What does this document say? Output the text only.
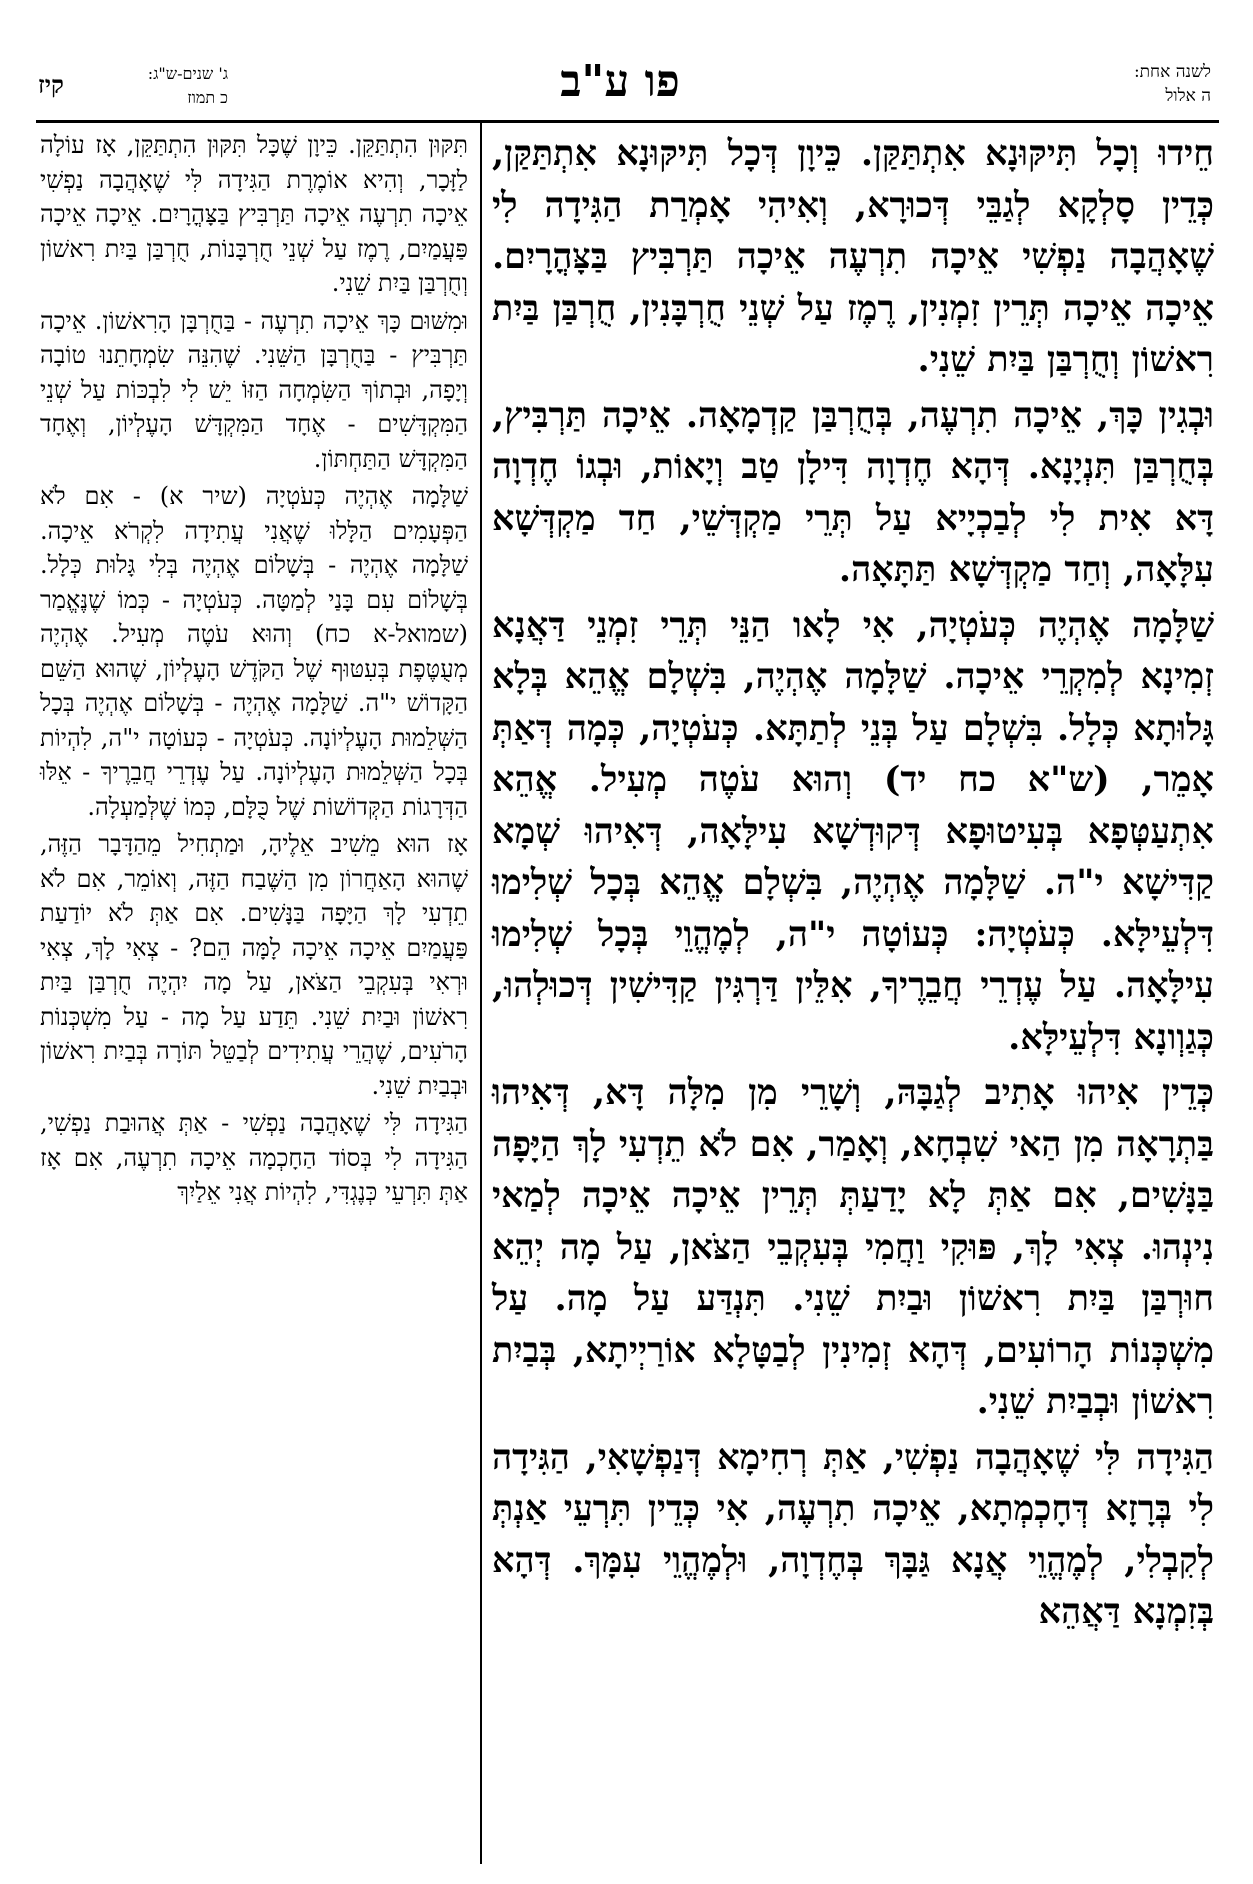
קיז	ג' שנים-ש"ג:
כ תמוז	פו ע"ב	לשנה אחת:
ה אלול

חֵידוּ וְכָל תִּיקּוּנָא אִתְתַּקַּן. כֵּיוָן דְּכָל תִּיקּוּנָא אִתְתַּקַּן, כְּדֵין סָלְקָא לְגַבֵּי דְּכוּרָא, וְאִיהִי אָמְרַת הַגִּידָה לִי שֶׁאָהֲבָה נַפְשִׁי אֵיכָה תִרְעֶה אֵיכָה תַּרְבִּיץ בַּצָּהֳרָיִם. אֵיכָה אֵיכָה תְּרֵין זִמְנִין, רֶמֶז עַל שְׁנֵי חֻרְבָּנִין, חֻרְבַּן בַּיִת רִאשׁוֹן וְחֻרְבַּן בַּיִת שֵׁנִי.

וּבְגִין כָּךְ, אֵיכָה תִרְעֶה, בְּחֻרְבַּן קַדְמָאָה. אֵיכָה תַּרְבִּיץ, בְּחֻרְבַּן תִּנְיָנָא. דְּהָא חֶדְוָה דִּילָן טַב וְיָאוֹת, וּבְגוֹ חֶדְוָה דָּא אִית לִי לְבַכְיָיא עַל תְּרֵי מַקְדְּשֵׁי, חַד מַקְדְּשָׁא עִלָּאָה, וְחַד מַקְדְּשָׁא תַּתָּאָה.

שַׁלָּמָה אֶהְיֶה כְּעֹטְיָה, אִי לָאו הַנֵּי תְּרֵי זִמְנֵי דַּאֲנָא זְמִינָא לְמִקְרֵי אֵיכָה. שַׁלָּמָה אֶהְיֶה, בִּשְׁלָם אֱהֵא בְּלָא גָּלוּתָא כְּלָל. בִּשְׁלָם עַל בְּנֵי לְתַתָּא. כְּעֹטְיָה, כְּמָה דְּאַתְּ אָמֵר, (ש"א כח יד) וְהוּא עֹטֶה מְעִיל. אֱהֵא אִתְעַטְּפָא בְּעִיטוּפָא דְּקוּדְשָׁא עִילָּאָה, דְּאִיהוּ שְׁמָא קַדִּישָׁא י"ה. שַׁלָּמָה אֶהְיֶה, בִּשְׁלָם אֱהֵא בְּכָל שְׁלִימוּ דִּלְעֵילָּא. כְּעֹטְיָה: כְּעוֹטָה י"ה, לְמֶהֱוֵי בְּכָל שְׁלִימוּ עִילָּאָה. עַל עֶדְרֵי חֲבֵרֶיךָ, אִלֵּין דַּרְגִּין קַדִּישִׁין דְּכוּלְהוּ, כְּגַוְונָא דִּלְעֵילָּא.

כְּדֵין אִיהוּ אָתִיב לְגַבָּהּ, וְשָׁרֵי מִן מִלָּה דָּא, דְּאִיהוּ בַּתְרָאָה מִן הַאי שִׁבְחָא, וְאָמַר, אִם לֹא תֵדְעִי לָךְ הַיָּפָה בַּנָּשִׁים, אִם אַתְּ לָא יָדַעַתְּ תְּרֵין אֵיכָה אֵיכָה לְמַאי נִינְהוּ. צְאִי לָךְ, פּוּקִי וַחֲמִי בְּעִקְבֵי הַצֹּאן, עַל מָה יְהֵא חוּרְבַּן בַּיִת רִאשׁוֹן וּבַיִת שֵׁנִי. תִּנְדַּע עַל מָה. עַל מִשְׁכְּנוֹת הָרוֹעִים, דְּהָא זְמִינִין לְבַטָּלָא אוֹרַיְיתָא, בְּבַיִת רִאשׁוֹן וּבְבַיִת שֵׁנִי.

הַגִּידָה לִּי שֶׁאָהֲבָה נַפְשִׁי, אַתְּ רְחִימָא דְּנַפְשָׁאִי, הַגִּידָה לִי בְּרָזָא דְּחָכְמְתָא, אֵיכָה תִרְעֶה, אִי כְּדֵין תִּרְעֵי אַנְתְּ לְקִבְלִי, לְמֶהֱוֵי אֲנָא גַּבָּךְ בְּחֶדְוָה, וּלְמֶהֱוֵי עִמָּךְ. דְּהָא בְּזִמְנָא דַּאֲהֵא

תִּקּוּן הִתְתַּקֵּן. כֵּיוָן שֶׁכָּל תִּקּוּן הִתְתַּקֵּן, אָז עוֹלָה לַזָּכָר, וְהִיא אוֹמֶרֶת הַגִּידָה לִּי שֶׁאָהֲבָה נַפְשִׁי אֵיכָה תִרְעֶה אֵיכָה תַּרְבִּיץ בַּצָּהֳרָיִם. אֵיכָה אֵיכָה פַּעֲמַיִם, רֶמֶז עַל שְׁנֵי חֻרְבָּנוֹת, חֻרְבַּן בַּיִת רִאשׁוֹן וְחֻרְבַּן בַּיִת שֵׁנִי.

וּמִשּׁוּם כָּךְ אֵיכָה תִרְעֶה - בַּחֻרְבָּן הָרִאשׁוֹן. אֵיכָה תַּרְבִּיץ - בַּחֻרְבָּן הַשֵּׁנִי. שֶׁהִנֵּה שִׂמְחָתֵנוּ טוֹבָה וְיָפָה, וּבְתוֹךְ הַשִּׂמְחָה הַזּוֹ יֵשׁ לִי לִבְכּוֹת עַל שְׁנֵי הַמִּקְדָּשִׁים - אֶחָד הַמִּקְדָּשׁ הָעֶלְיוֹן, וְאֶחָד הַמִּקְדָּשׁ הַתַּחְתּוֹן.

שַׁלָּמָה אֶהְיֶה כְּעֹטְיָה (שיר א) - אִם לֹא הַפְּעָמִים הַלָּלוּ שֶׁאֲנִי עֲתִידָה לִקְרֹא אֵיכָה. שַׁלָּמָה אֶהְיֶה - בְּשָׁלוֹם אֶהְיֶה בְּלִי גָּלוּת כְּלָל. בְּשָׁלוֹם עִם בָּנַי לְמַטָּה. כְּעֹטְיָה - כְּמוֹ שֶׁנֶּאֱמַר (שמואל-א כח) וְהוּא עֹטֶה מְעִיל. אֶהְיֶה מְעֻטֶּפֶת בְּעִטּוּף שֶׁל הַקֹּדֶשׁ הָעֶלְיוֹן, שֶׁהוּא הַשֵּׁם הַקָּדוֹשׁ י"ה. שַׁלָּמָה אֶהְיֶה - בְּשָׁלוֹם אֶהְיֶה בְּכָל הַשְּׁלֵמוּת הָעֶלְיוֹנָה. כְּעֹטְיָה - כְּעוֹטָה י"ה, לִהְיוֹת בְּכָל הַשְּׁלֵמוּת הָעֶלְיוֹנָה. עַל עֶדְרֵי חֲבֵרֶיךָ - אֵלּוּ הַדְּרָגוֹת הַקְּדוֹשׁוֹת שֶׁל כֻּלָּם, כְּמוֹ שֶׁלְּמַעְלָה.

אָז הוּא מֵשִׁיב אֵלֶיהָ, וּמַתְחִיל מֵהַדָּבָר הַזֶּה, שֶׁהוּא הָאַחֲרוֹן מִן הַשֶּׁבַח הַזֶּה, וְאוֹמֵר, אִם לֹא תֵדְעִי לָךְ הַיָּפָה בַּנָּשִׁים. אִם אַתְּ לֹא יוֹדַעַת פַּעֲמַיִם אֵיכָה אֵיכָה לָמָּה הֵם? - צְאִי לָךְ, צְאִי וּרְאִי בְּעִקְבֵי הַצֹּאן, עַל מָה יִהְיֶה חֻרְבַּן בַּיִת רִאשׁוֹן וּבַיִת שֵׁנִי. תֵּדַע עַל מָה - עַל מִשְׁכְּנוֹת הָרֹעִים, שֶׁהֲרֵי עֲתִידִים לְבַטֵּל תּוֹרָה בְּבַיִת רִאשׁוֹן וּבְבַיִת שֵׁנִי.

הַגִּידָה לִּי שֶׁאָהֲבָה נַפְשִׁי - אַתְּ אֲהוּבַת נַפְשִׁי, הַגִּידָה לִי בְּסוֹד הַחָכְמָה אֵיכָה תִרְעֶה, אִם אָז אַתְּ תִּרְעֵי כְּנֶגְדִּי, לִהְיוֹת אֲנִי אֵלַיִךְ
